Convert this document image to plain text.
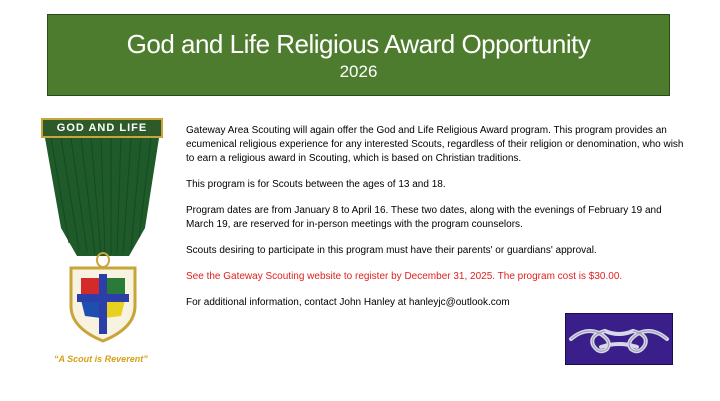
God and Life Religious Award Opportunity
2026
GOD AND LIFE
“A Scout is Reverent”

Gateway Area Scouting will again offer the God and Life Religious Award program. This program provides an ecumenical religious experience for any interested Scouts, regardless of their religion or denomination, who wish to earn a religious award in Scouting, which is based on Christian traditions.

This program is for Scouts between the ages of 13 and 18.

Program dates are from January 8 to April 16. These two dates, along with the evenings of February 19 and March 19, are reserved for in-person meetings with the program counselors.

Scouts desiring to participate in this program must have their parents' or guardians' approval.

See the Gateway Scouting website to register by December 31, 2025. The program cost is $30.00.

For additional information, contact John Hanley at hanleyjc@outlook.com
